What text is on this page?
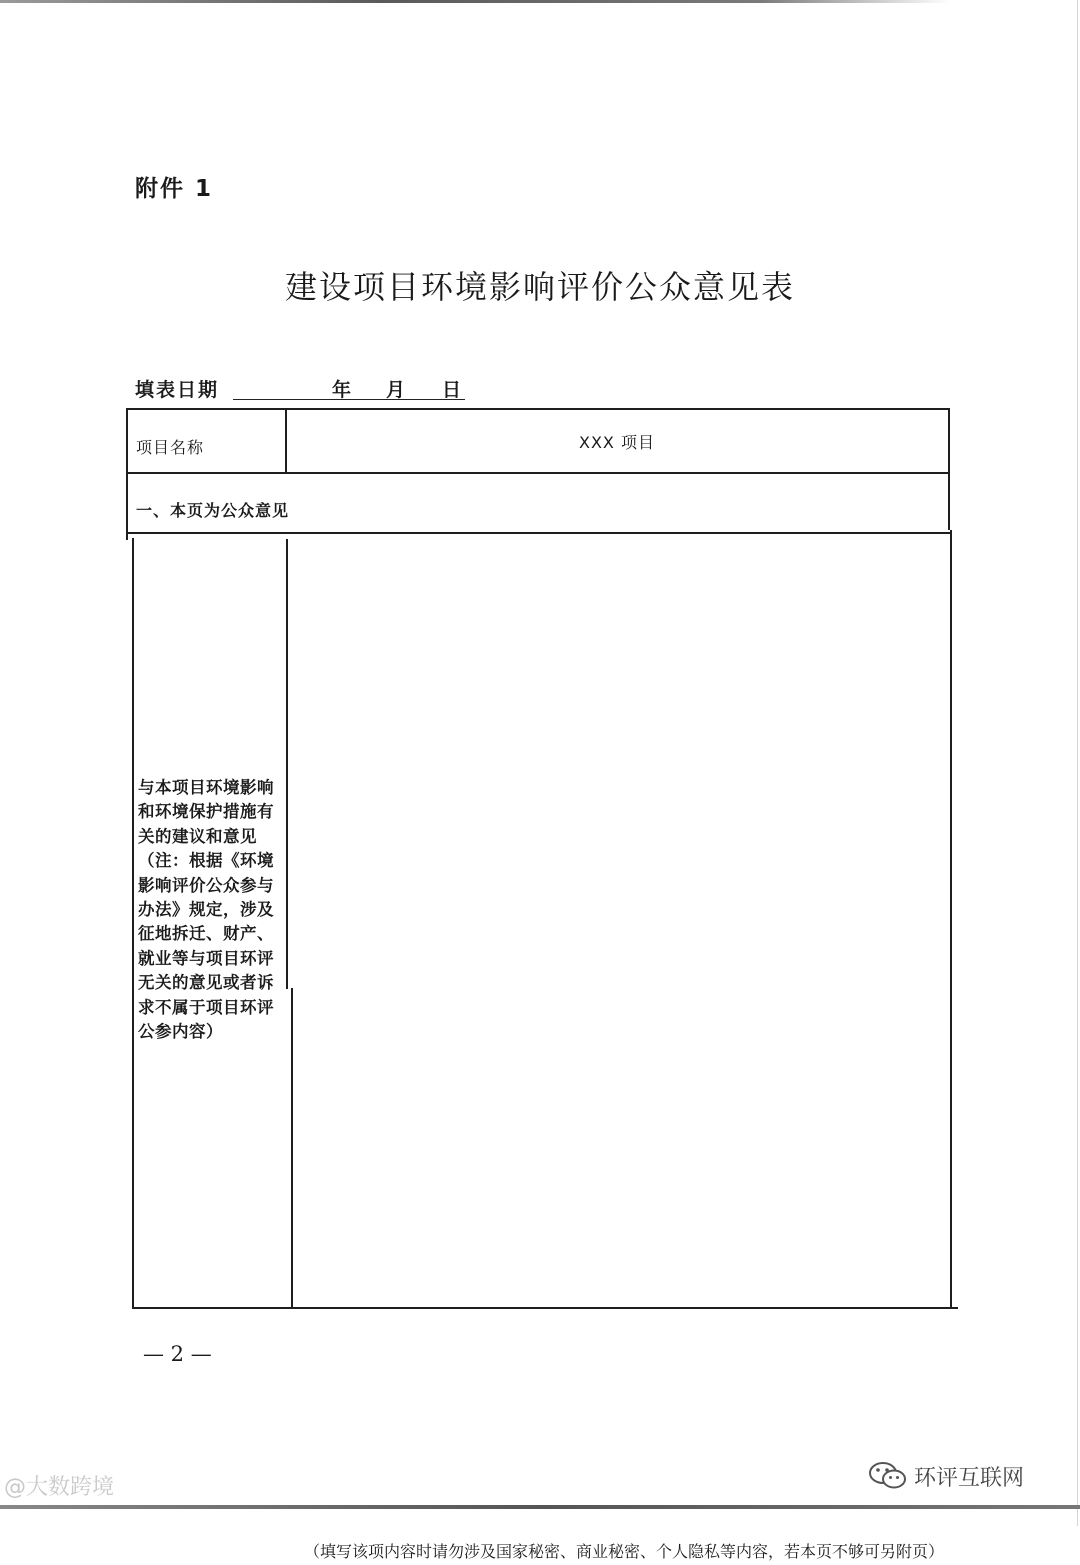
附件 1
建设项目环境影响评价公众意见表
填表日期	年 月 日
项目名称	XXX 项目
一、本页为公众意见
与本项目环境影响和环境保护措施有关的建议和意见（注：根据《环境影响评价公众参与办法》规定，涉及征地拆迁、财产、就业等与项目环评无关的意见或者诉求不属于项目环评公参内容）
（填写该项内容时请勿涉及国家秘密、商业秘密、个人隐私等内容，若本页不够可另附页）
— 2 —
@大数跨境	环评互联网
